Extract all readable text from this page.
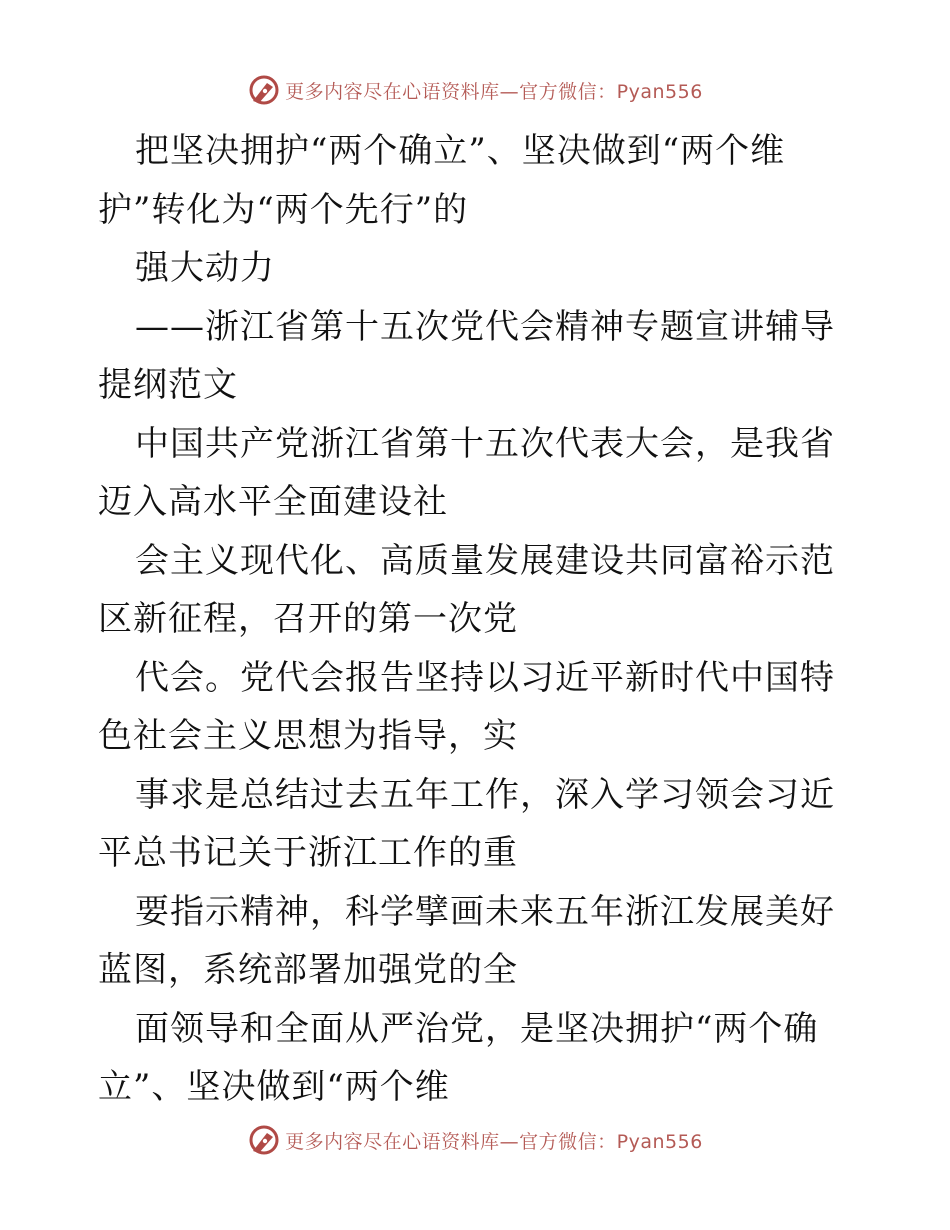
更多内容尽在心语资料库—官方微信：Pyan556

把坚决拥护“两个确立”、坚决做到“两个维护”转化为“两个先行”的

强大动力

——浙江省第十五次党代会精神专题宣讲辅导提纲范文

中国共产党浙江省第十五次代表大会，是我省迈入高水平全面建设社

会主义现代化、高质量发展建设共同富裕示范区新征程，召开的第一次党

代会。党代会报告坚持以习近平新时代中国特色社会主义思想为指导，实

事求是总结过去五年工作，深入学习领会习近平总书记关于浙江工作的重

要指示精神，科学擘画未来五年浙江发展美好蓝图，系统部署加强党的全

面领导和全面从严治党，是坚决拥护“两个确立”、坚决做到“两个维

更多内容尽在心语资料库—官方微信：Pyan556
